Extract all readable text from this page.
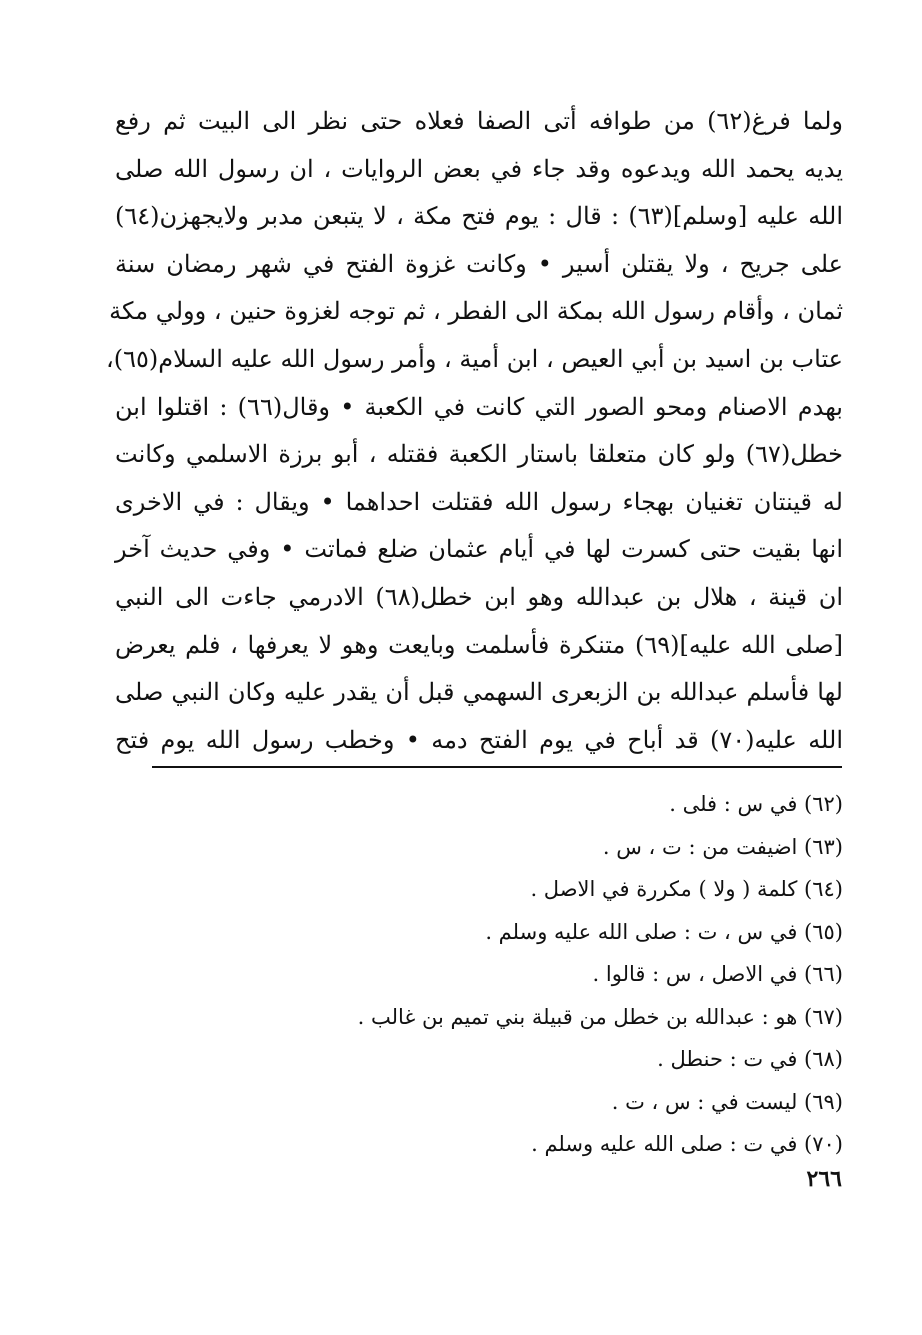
ولما فرغ(٦٢) من طوافه أتى الصفا فعلاه حتى نظر الى البيت ثم رفع
يديه يحمد الله ويدعوه وقد جاء في بعض الروايات ، ان رسول الله صلى
الله عليه [وسلم](٦٣) : قال : يوم فتح مكة ، لا يتبعن مدبر ولايجهزن(٦٤)
على جريح ، ولا يقتلن أسير • وكانت غزوة الفتح في شهر رمضان سنة
ثمان ، وأقام رسول الله بمكة الى الفطر ، ثم توجه لغزوة حنين ، وولي مكة
عتاب بن اسيد بن أبي العيص ، ابن أمية ، وأمر رسول الله عليه السلام(٦٥)،
بهدم الاصنام ومحو الصور التي كانت في الكعبة • وقال(٦٦) : اقتلوا ابن
خطل(٦٧) ولو كان متعلقا باستار الكعبة فقتله ، أبو برزة الاسلمي وكانت
له قينتان تغنيان بهجاء رسول الله فقتلت احداهما • ويقال : في الاخرى
انها بقيت حتى كسرت لها في أيام عثمان ضلع فماتت • وفي حديث آخر
ان قينة ، هلال بن عبدالله وهو ابن خطل(٦٨) الادرمي جاءت الى النبي
[صلى الله عليه](٦٩) متنكرة فأسلمت وبايعت وهو لا يعرفها ، فلم يعرض
لها فأسلم عبدالله بن الزبعرى السهمي قبل أن يقدر عليه وكان النبي صلى
الله عليه(٧٠) قد أباح في يوم الفتح دمه • وخطب رسول الله يوم فتح
(٦٢) في س : فلى .
(٦٣) اضيفت من : ت ، س .
(٦٤) كلمة ( ولا ) مكررة في الاصل .
(٦٥) في س ، ت : صلى الله عليه وسلم .
(٦٦) في الاصل ، س : قالوا .
(٦٧) هو : عبدالله بن خطل من قبيلة بني تميم بن غالب .
(٦٨) في ت : حنطل .
(٦٩) ليست في : س ، ت .
(٧٠) في ت : صلى الله عليه وسلم .
٢٦٦
